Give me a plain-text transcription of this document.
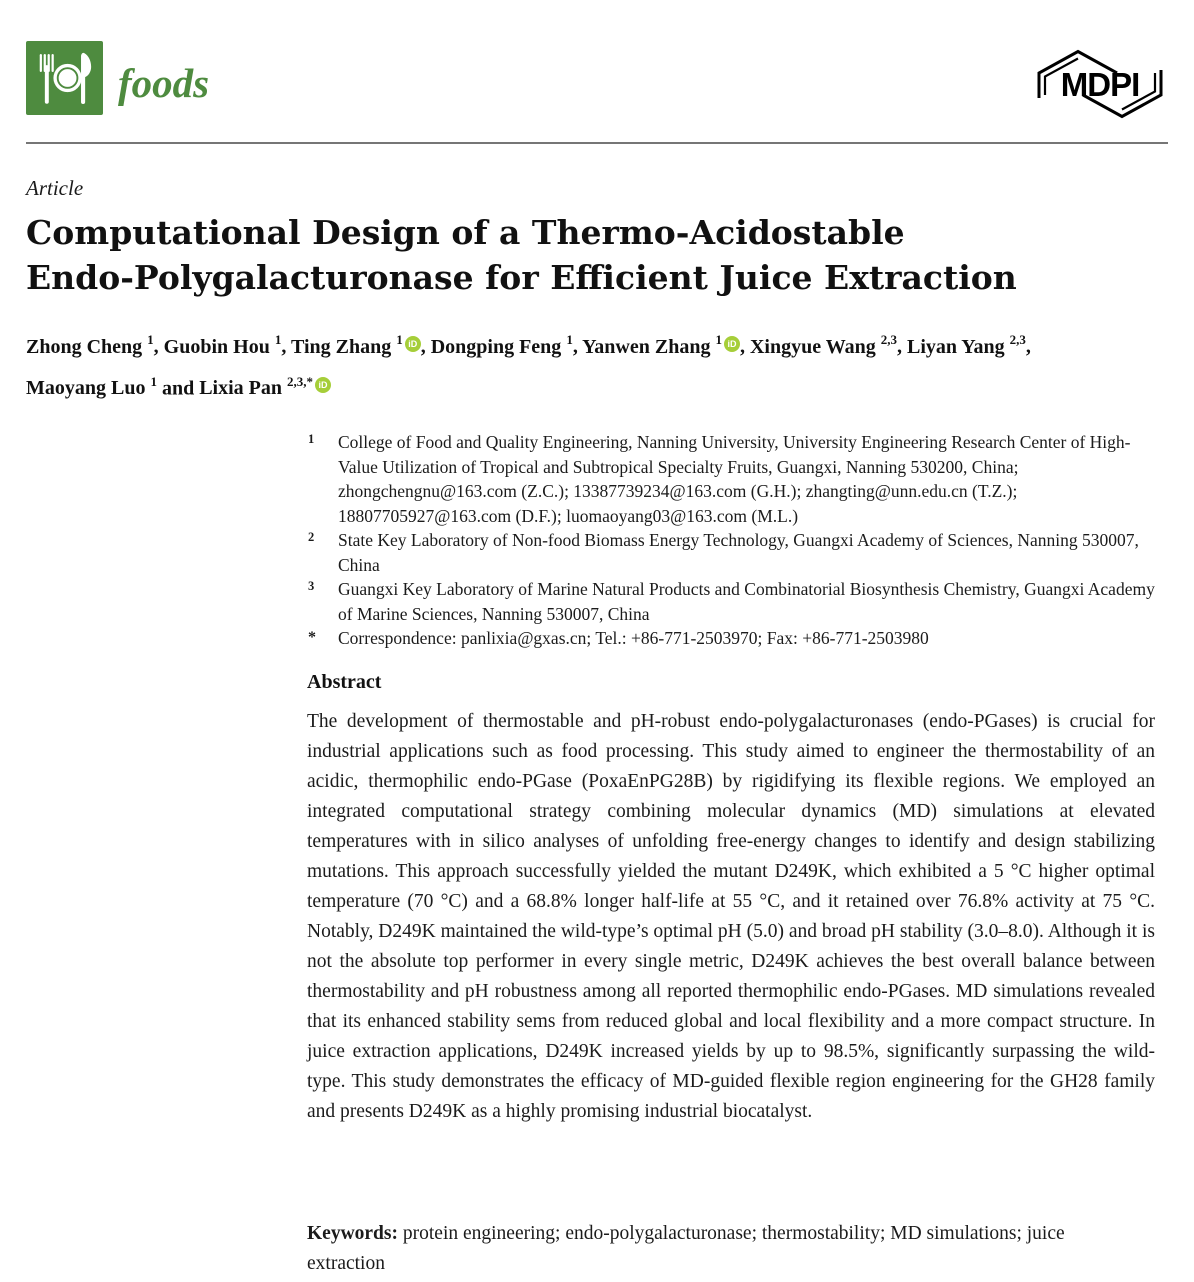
foods	MDPI
Article
Computational Design of a Thermo-Acidostable
Endo-Polygalacturonase for Efficient Juice Extraction
Zhong Cheng $^1$, Guobin Hou $^1$, Ting Zhang $^1$ iD , Dongping Feng $^1$, Yanwen Zhang $^1$ iD , Xingyue Wang $^{2,3}$, Liyan Yang $^{2,3}$, Maoyang Luo $^1$ and Lixia Pan $^{2,3,*}$ iD
1 College of Food and Quality Engineering, Nanning University, University Engineering Research Center of High-Value Utilization of Tropical and Subtropical Specialty Fruits, Guangxi, Nanning 530200, China; zhongchengnu@163.com (Z.C.); 13387739234@163.com (G.H.); zhangting@unn.edu.cn (T.Z.); 18807705927@163.com (D.F.); luomaoyang03@163.com (M.L.)
2 State Key Laboratory of Non-food Biomass Energy Technology, Guangxi Academy of Sciences, Nanning 530007, China
3 Guangxi Key Laboratory of Marine Natural Products and Combinatorial Biosynthesis Chemistry, Guangxi Academy of Marine Sciences, Nanning 530007, China
* Correspondence: panlixia@gxas.cn; Tel.: +86-771-2503970; Fax: +86-771-2503980
Abstract

The development of thermostable and pH-robust endo-polygalacturonases (endo-PGases) is crucial for industrial applications such as food processing. This study aimed to engineer the thermostability of an acidic, thermophilic endo-PGase (PoxaEnPG28B) by rigidifying its flexible regions. We employed an integrated computational strategy combining molecular dynamics (MD) simulations at elevated temperatures with in silico analyses of unfolding free-energy changes to identify and design stabilizing mutations. This approach successfully yielded the mutant D249K, which exhibited a 5 °C higher optimal temperature (70 °C) and a 68.8% longer half-life at 55 °C, and it retained over 76.8% activity at 75 °C. Notably, D249K maintained the wild-type’s optimal pH (5.0) and broad pH stability (3.0–8.0). Although it is not the absolute top performer in every single metric, D249K achieves the best overall balance between thermostability and pH robustness among all reported thermophilic endo-PGases. MD simulations revealed that its enhanced stability sems from reduced global and local flexibility and a more compact structure. In juice extraction applications, D249K increased yields by up to 98.5%, significantly surpassing the wild-type. This study demonstrates the efficacy of MD-guided flexible region engineering for the GH28 family and presents D249K as a highly promising industrial biocatalyst.

Keywords: protein engineering; endo-polygalacturonase; thermostability; MD simulations; juice extraction
